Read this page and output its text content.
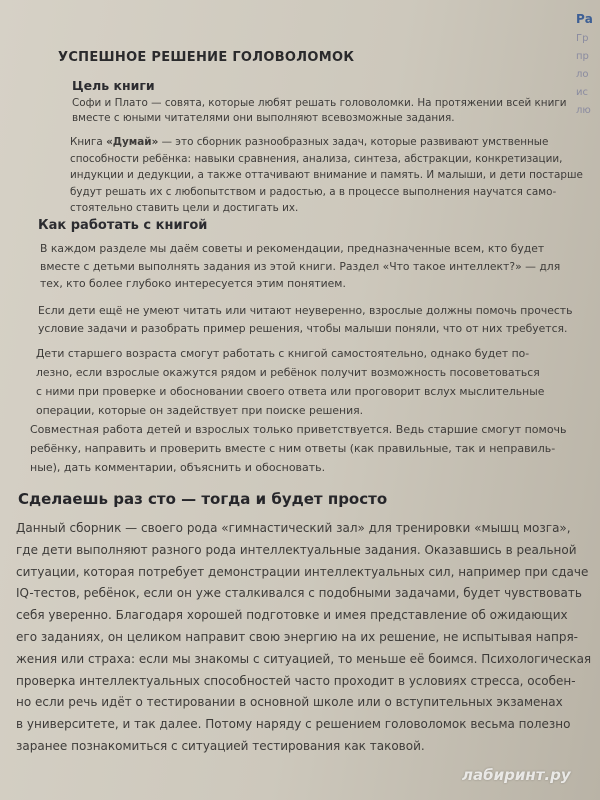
УСПЕШНОЕ РЕШЕНИЕ ГОЛОВОЛОМОК
Цель книги

Софи и Плато — совята, которые любят решать головоломки. На протяжении всей книги
вместе с юными читателями они выполняют всевозможные задания.

Книга «Думай» — это сборник разнообразных задач, которые развивают умственные
способности ребёнка: навыки сравнения, анализа, синтеза, абстракции, конкретизации,
индукции и дедукции, а также оттачивают внимание и память. И малыши, и дети постарше
будут решать их с любопытством и радостью, а в процессе выполнения научатся само-
стоятельно ставить цели и достигать их.

Как работать с книгой

В каждом разделе мы даём советы и рекомендации, предназначенные всем, кто будет
вместе с детьми выполнять задания из этой книги. Раздел «Что такое интеллект?» — для
тех, кто более глубоко интересуется этим понятием.

Если дети ещё не умеют читать или читают неуверенно, взрослые должны помочь прочесть
условие задачи и разобрать пример решения, чтобы малыши поняли, что от них требуется.

Дети старшего возраста смогут работать с книгой самостоятельно, однако будет по-
лезно, если взрослые окажутся рядом и ребёнок получит возможность посоветоваться
с ними при проверке и обосновании своего ответа или проговорит вслух мыслительные
операции, которые он задействует при поиске решения.

Совместная работа детей и взрослых только приветствуется. Ведь старшие смогут помочь
ребёнку, направить и проверить вместе с ним ответы (как правильные, так и неправиль-
ные), дать комментарии, объяснить и обосновать.

Сделаешь раз сто — тогда и будет просто

Данный сборник — своего рода «гимнастический зал» для тренировки «мышц мозга»,
где дети выполняют разного рода интеллектуальные задания. Оказавшись в реальной
ситуации, которая потребует демонстрации интеллектуальных сил, например при сдаче
IQ-тестов, ребёнок, если он уже сталкивался с подобными задачами, будет чувствовать
себя уверенно. Благодаря хорошей подготовке и имея представление об ожидающих
его заданиях, он целиком направит свою энергию на их решение, не испытывая напря-
жения или страха: если мы знакомы с ситуацией, то меньше её боимся. Психологическая
проверка интеллектуальных способностей часто проходит в условиях стресса, особен-
но если речь идёт о тестировании в основной школе или о вступительных экзаменах
в университете, и так далее. Потому наряду с решением головоломок весьма полезно
заранее познакомиться с ситуацией тестирования как таковой.

Ра
Гр
пр
ло
ис
лю
лабиринт.ру
